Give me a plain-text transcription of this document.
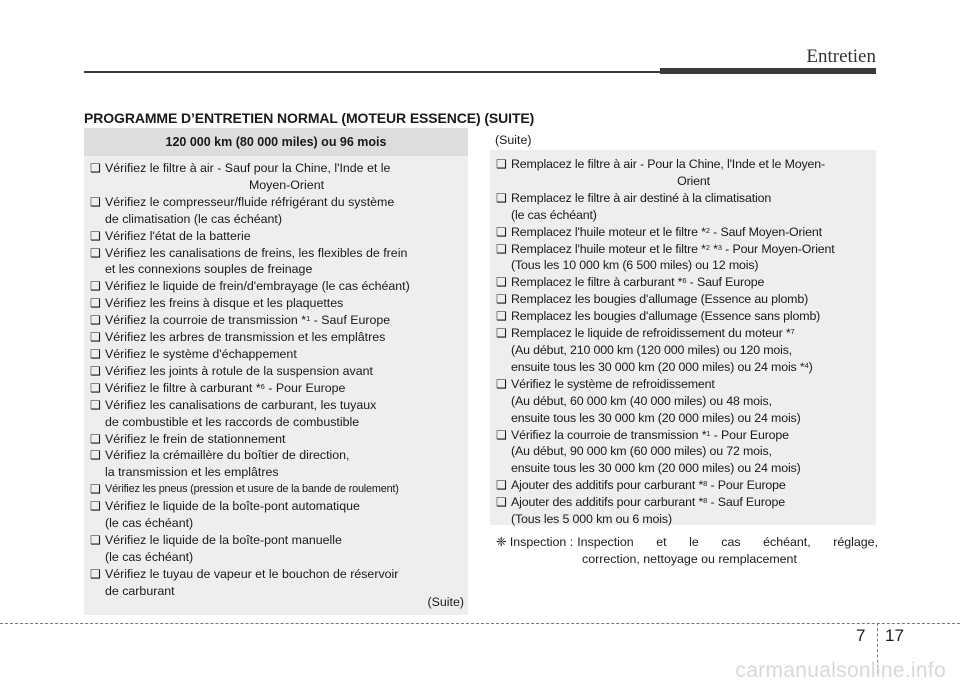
Entretien
PROGRAMME D’ENTRETIEN NORMAL (MOTEUR ESSENCE) (SUITE)
120 000 km (80 000 miles) ou 96 mois
❑ Vérifiez le filtre à air - Sauf pour la Chine, l'Inde et le
Moyen-Orient
❑ Vérifiez le compresseur/fluide réfrigérant du système
de climatisation (le cas échéant)
❑ Vérifiez l'état de la batterie
❑ Vérifiez les canalisations de freins, les flexibles de frein
et les connexions souples de freinage
❑ Vérifiez le liquide de frein/d'embrayage (le cas échéant)
❑ Vérifiez les freins à disque et les plaquettes
❑ Vérifiez la courroie de transmission *$^1$ - Sauf Europe
❑ Vérifiez les arbres de transmission et les emplâtres
❑ Vérifiez le système d'échappement
❑ Vérifiez les joints à rotule de la suspension avant
❑ Vérifiez le filtre à carburant *$^6$ - Pour Europe
❑ Vérifiez les canalisations de carburant, les tuyaux
de combustible et les raccords de combustible
❑ Vérifiez le frein de stationnement
❑ Vérifiez la crémaillère du boîtier de direction,
la transmission et les emplâtres
❑ Vérifiez les pneus (pression et usure de la bande de roulement)
❑ Vérifiez le liquide de la boîte-pont automatique
(le cas échéant)
❑ Vérifiez le liquide de la boîte-pont manuelle
(le cas échéant)
❑ Vérifiez le tuyau de vapeur et le bouchon de réservoir
de carburant
(Suite)
(Suite)
❑ Remplacez le filtre à air - Pour la Chine, l'Inde et le Moyen-
Orient
❑ Remplacez le filtre à air destiné à la climatisation
(le cas échéant)
❑ Remplacez l'huile moteur et le filtre *$^2$ - Sauf Moyen-Orient
❑ Remplacez l'huile moteur et le filtre *$^2$ *$^3$ - Pour Moyen-Orient
(Tous les 10 000 km (6 500 miles) ou 12 mois)
❑ Remplacez le filtre à carburant *$^6$ - Sauf Europe
❑ Remplacez les bougies d'allumage (Essence au plomb)
❑ Remplacez les bougies d'allumage (Essence sans plomb)
❑ Remplacez le liquide de refroidissement du moteur *$^7$
(Au début, 210 000 km (120 000 miles) ou 120 mois,
ensuite tous les 30 000 km (20 000 miles) ou 24 mois *$^4$)
❑ Vérifiez le système de refroidissement
(Au début, 60 000 km (40 000 miles) ou 48 mois,
ensuite tous les 30 000 km (20 000 miles) ou 24 mois)
❑ Vérifiez la courroie de transmission *$^1$ - Pour Europe
(Au début, 90 000 km (60 000 miles) ou 72 mois,
ensuite tous les 30 000 km (20 000 miles) ou 24 mois)
❑ Ajouter des additifs pour carburant *$^8$ - Pour Europe
❑ Ajouter des additifs pour carburant *$^8$ - Sauf Europe
(Tous les 5 000 km ou 6 mois)
❈ Inspection : Inspection et le cas échéant, réglage,
correction, nettoyage ou remplacement
7 17
carmanualsonline.info
